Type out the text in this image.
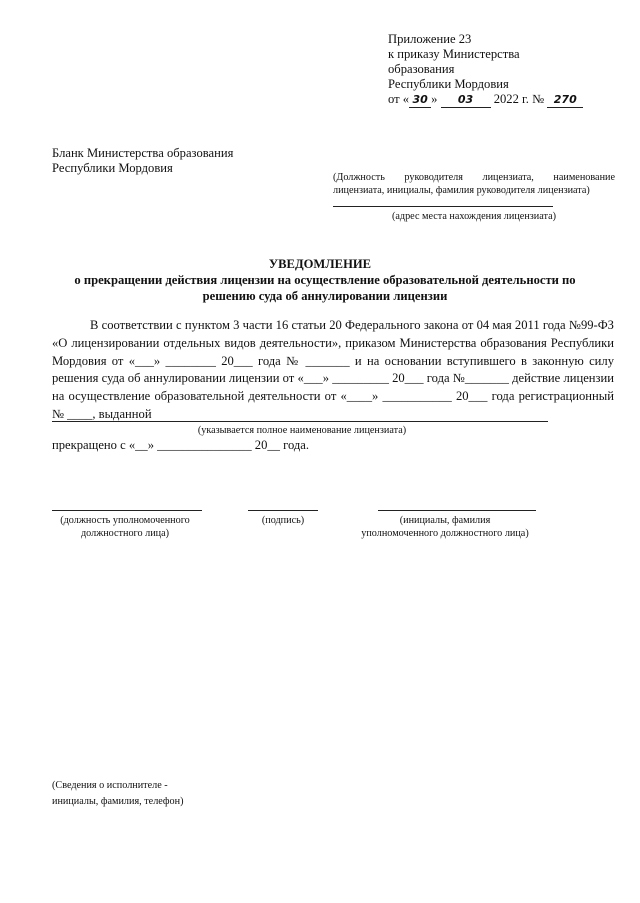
Приложение 23
к приказу Министерства
образования
Республики Мордовия
от « 30 » 03 2022 г. № 270
Бланк Министерства образования
Республики Мордовия
(Должность руководителя лицензиата, наименование лицензиата, инициалы, фамилия руководителя лицензиата)
(адрес места нахождения лицензиата)
УВЕДОМЛЕНИЕ
о прекращении действия лицензии на осуществление образовательной деятельности по решению суда об аннулировании лицензии
В соответствии с пунктом 3 части 16 статьи 20 Федерального закона от 04 мая 2011 года №99-ФЗ «О лицензировании отдельных видов деятельности», приказом Министерства образования Республики Мордовия от «___» ________ 20___ года № _______ и на основании вступившего в законную силу решения суда об аннулировании лицензии от «___» _________ 20___ года №_______ действие лицензии на осуществление образовательной деятельности от «____» ___________ 20___ года регистрационный № ____, выданной
(указывается полное наименование лицензиата)
прекращено с «__» _______________ 20__ года.
(должность уполномоченного
должностного лица)
(подпись)	(инициалы, фамилия
уполномоченного должностного лица)
(Сведения о исполнителе -
инициалы, фамилия, телефон)
